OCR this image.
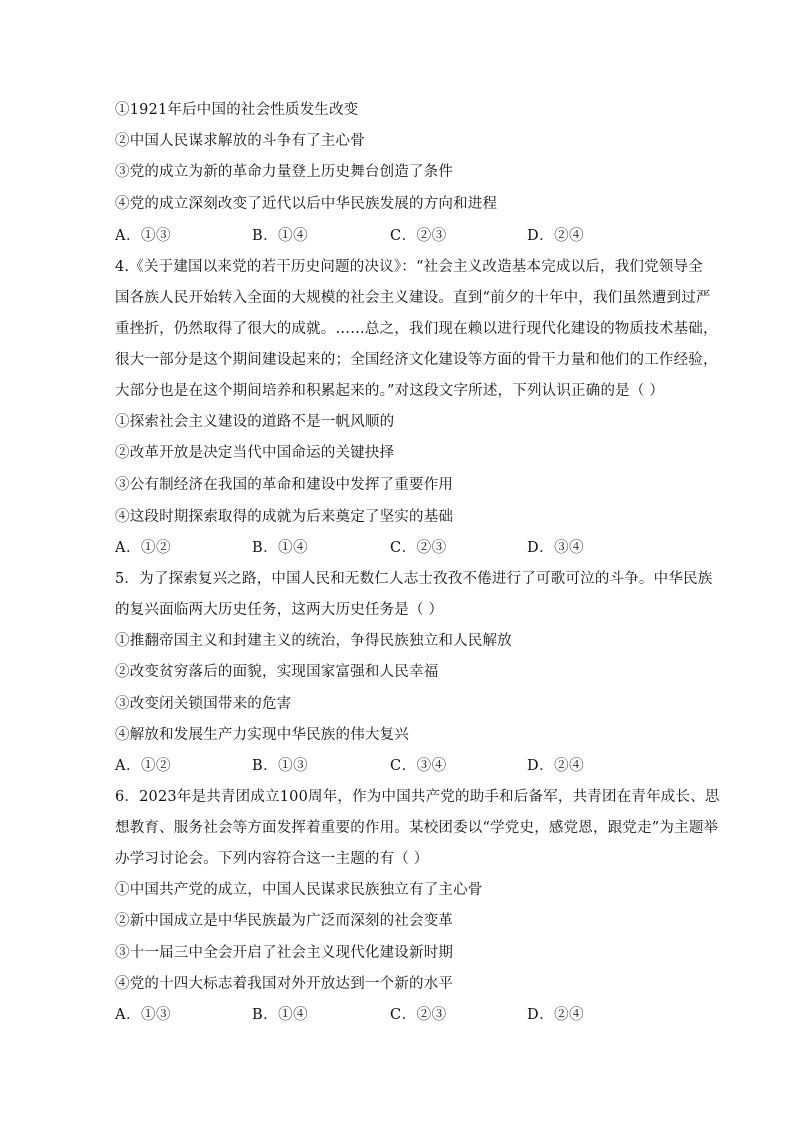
①1921年后中国的社会性质发生改变
②中国人民谋求解放的斗争有了主心骨
③党的成立为新的革命力量登上历史舞台创造了条件
④党的成立深刻改变了近代以后中华民族发展的方向和进程
A．①③	B．①④	C．②③	D．②④
4.《关于建国以来党的若干历史问题的决议》：“社会主义改造基本完成以后，我们党领导全
国各族人民开始转入全面的大规模的社会主义建设。直到“前夕的十年中，我们虽然遭到过严
重挫折，仍然取得了很大的成就。……总之，我们现在赖以进行现代化建设的物质技术基础，
很大一部分是这个期间建设起来的；全国经济文化建设等方面的骨干力量和他们的工作经验，
大部分也是在这个期间培养和积累起来的。”对这段文字所述，下列认识正确的是（ ）
①探索社会主义建设的道路不是一帆风顺的
②改革开放是决定当代中国命运的关键抉择
③公有制经济在我国的革命和建设中发挥了重要作用
④这段时期探索取得的成就为后来奠定了坚实的基础
A．①②	B．①④	C．②③	D．③④
5．为了探索复兴之路，中国人民和无数仁人志士孜孜不倦进行了可歌可泣的斗争。中华民族
的复兴面临两大历史任务，这两大历史任务是（ ）
①推翻帝国主义和封建主义的统治，争得民族独立和人民解放
②改变贫穷落后的面貌，实现国家富强和人民幸福
③改变闭关锁国带来的危害
④解放和发展生产力实现中华民族的伟大复兴
A．①②	B．①③	C．③④	D．②④
6．2023年是共青团成立100周年，作为中国共产党的助手和后备军，共青团在青年成长、思
想教育、服务社会等方面发挥着重要的作用。某校团委以“学党史，感党恩，跟党走”为主题举
办学习讨论会。下列内容符合这一主题的有（ ）
①中国共产党的成立，中国人民谋求民族独立有了主心骨
②新中国成立是中华民族最为广泛而深刻的社会变革
③十一届三中全会开启了社会主义现代化建设新时期
④党的十四大标志着我国对外开放达到一个新的水平
A．①③	B．①④	C．②③	D．②④
